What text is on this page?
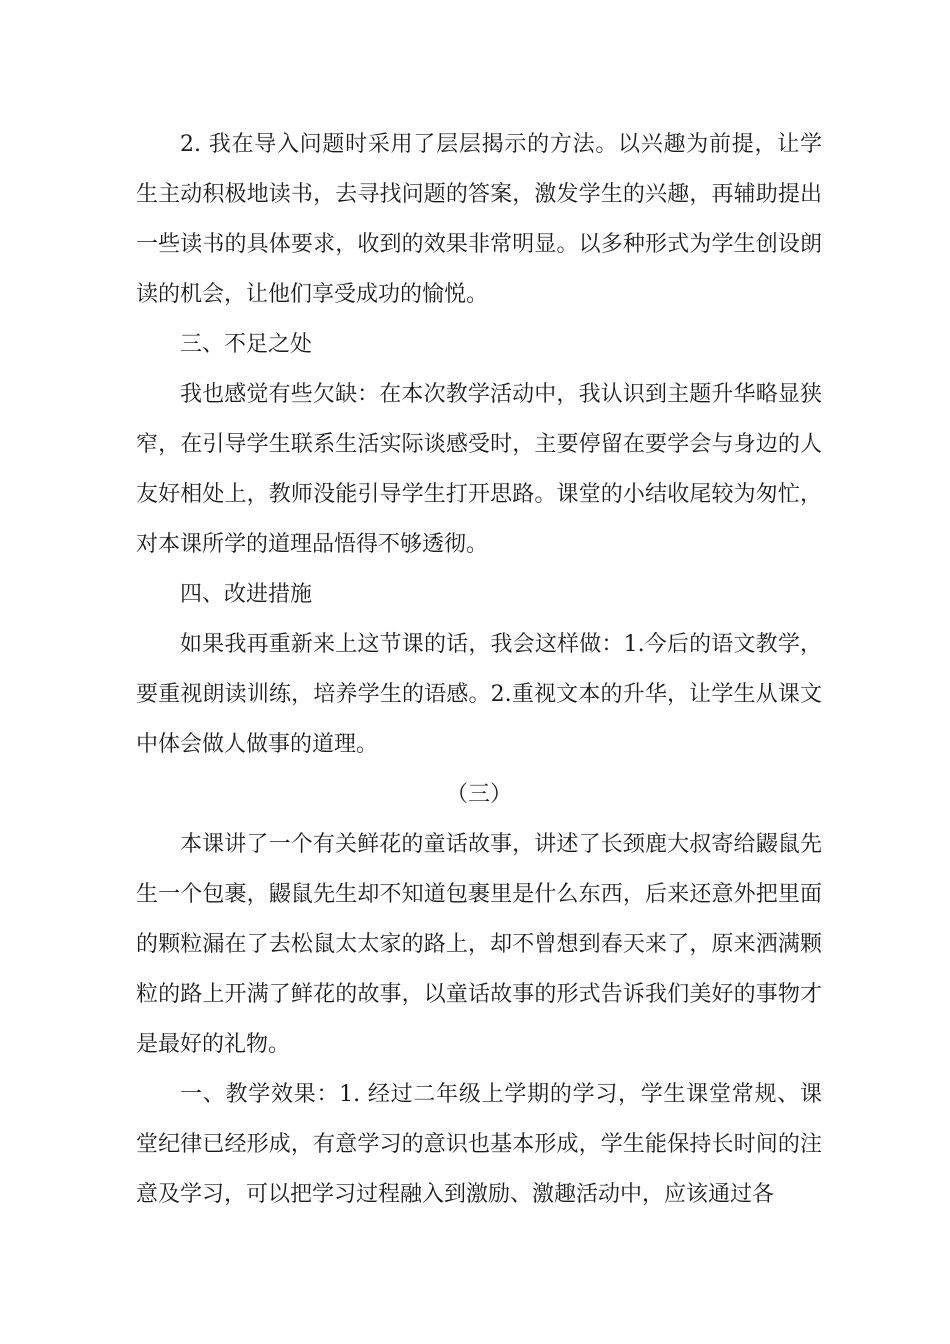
2. 我在导入问题时采用了层层揭示的方法。以兴趣为前提，让学生主动积极地读书，去寻找问题的答案，激发学生的兴趣，再辅助提出一些读书的具体要求，收到的效果非常明显。以多种形式为学生创设朗读的机会，让他们享受成功的愉悦。

三、不足之处

我也感觉有些欠缺：在本次教学活动中，我认识到主题升华略显狭窄，在引导学生联系生活实际谈感受时，主要停留在要学会与身边的人友好相处上，教师没能引导学生打开思路。课堂的小结收尾较为匆忙，对本课所学的道理品悟得不够透彻。

四、改进措施

如果我再重新来上这节课的话，我会这样做：1.今后的语文教学，要重视朗读训练，培养学生的语感。2.重视文本的升华，让学生从课文中体会做人做事的道理。

（三）

本课讲了一个有关鲜花的童话故事，讲述了长颈鹿大叔寄给鼹鼠先生一个包裹，鼹鼠先生却不知道包裹里是什么东西，后来还意外把里面的颗粒漏在了去松鼠太太家的路上，却不曾想到春天来了，原来洒满颗粒的路上开满了鲜花的故事，以童话故事的形式告诉我们美好的事物才是最好的礼物。

一、教学效果：1. 经过二年级上学期的学习，学生课堂常规、课堂纪律已经形成，有意学习的意识也基本形成，学生能保持长时间的注意及学习，可以把学习过程融入到激励、激趣活动中，应该通过各
